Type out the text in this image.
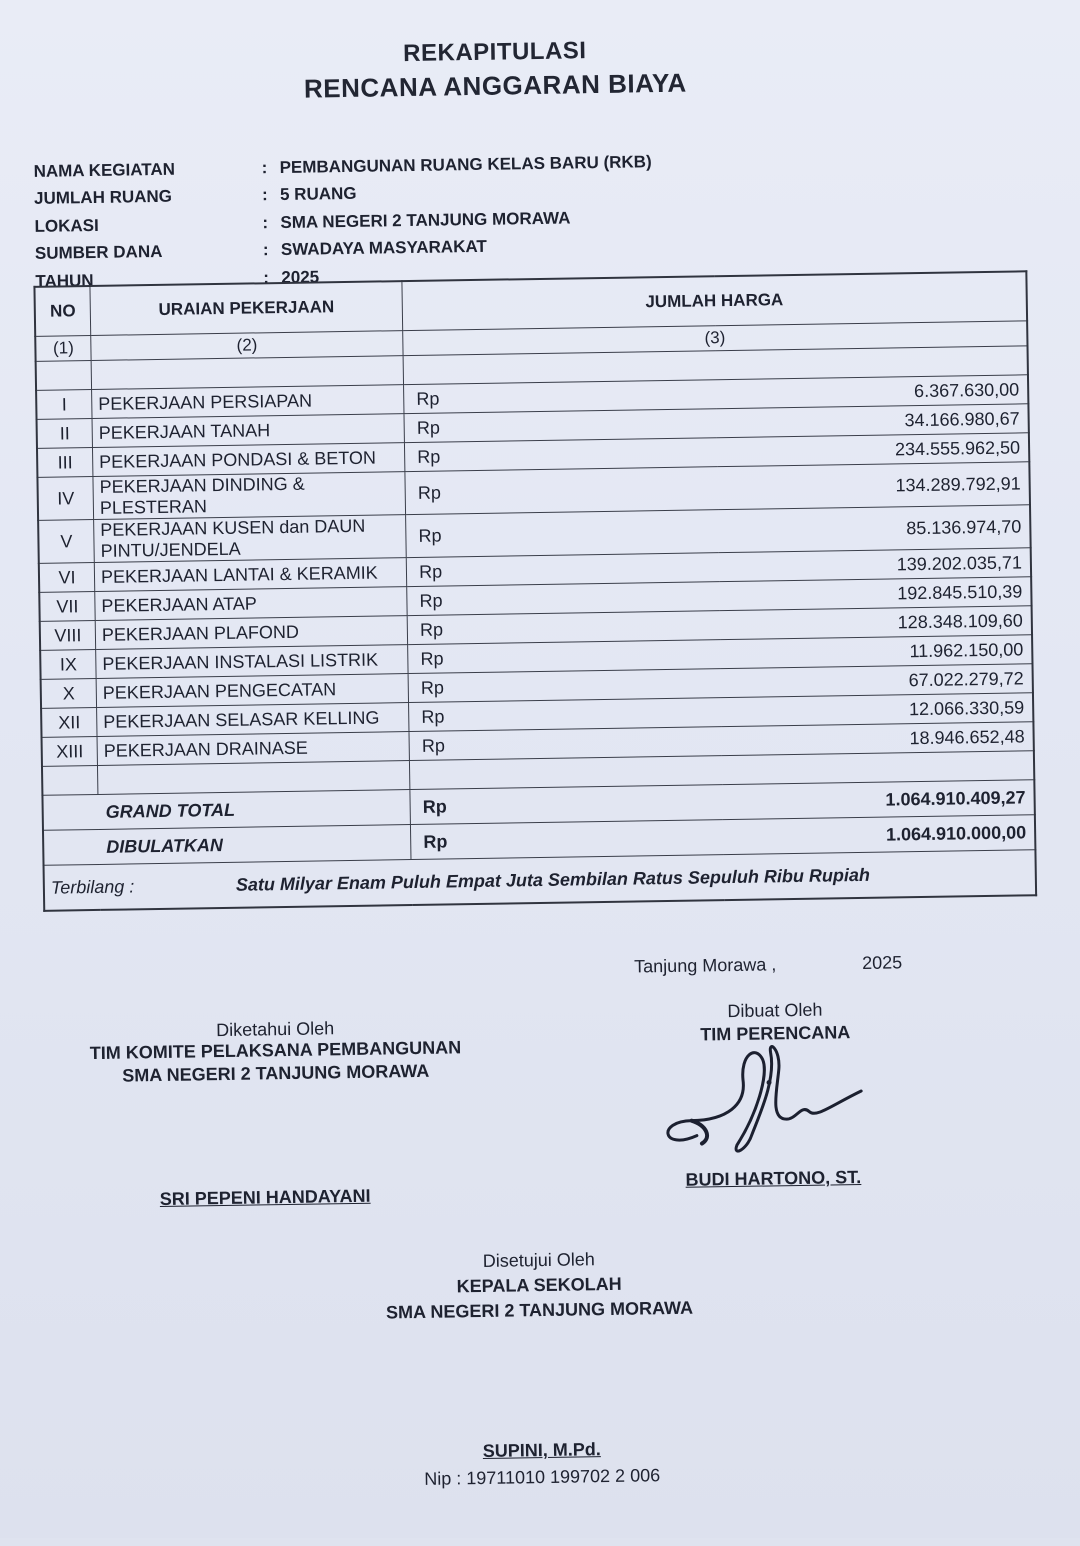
REKAPITULASI
RENCANA ANGGARAN BIAYA
NAMA KEGIATAN	: PEMBANGUNAN RUANG KELAS BARU (RKB)
JUMLAH RUANG	: 5 RUANG
LOKASI	: SMA NEGERI 2 TANJUNG MORAWA
SUMBER DANA	: SWADAYA MASYARAKAT
TAHUN	: 2025
NO	URAIAN PEKERJAAN	JUMLAH HARGA	
(1)	(2)	(3)	

I	PEKERJAAN PERSIAPAN	Rp	6.367.630,00
II	PEKERJAAN TANAH	Rp	34.166.980,67
III	PEKERJAAN PONDASI & BETON	Rp	234.555.962,50
IV	PEKERJAAN DINDING & PLESTERAN	Rp	134.289.792,91
V	PEKERJAAN KUSEN dan DAUN PINTU/JENDELA	Rp	85.136.974,70
VI	PEKERJAAN LANTAI & KERAMIK	Rp	139.202.035,71
VII	PEKERJAAN ATAP	Rp	192.845.510,39
VIII	PEKERJAAN PLAFOND	Rp	128.348.109,60
IX	PEKERJAAN INSTALASI LISTRIK	Rp	11.962.150,00
X	PEKERJAAN PENGECATAN	Rp	67.022.279,72
XII	PEKERJAAN SELASAR KELLING	Rp	12.066.330,59
XIII	PEKERJAAN DRAINASE	Rp	18.946.652,48

GRAND TOTAL		Rp	1.064.910.409,27
DIBULATKAN		Rp	1.064.910.000,00
Terbilang : Satu Milyar Enam Puluh Empat Juta Sembilan Ratus Sepuluh Ribu Rupiah			
Tanjung Morawa ,	2025
Diketahui Oleh
TIM KOMITE PELAKSANA PEMBANGUNAN
SMA NEGERI 2 TANJUNG MORAWA
SRI PEPENI HANDAYANI
Dibuat Oleh
TIM PERENCANA
BUDI HARTONO, ST.
Disetujui Oleh
KEPALA SEKOLAH
SMA NEGERI 2 TANJUNG MORAWA
SUPINI, M.Pd.
Nip : 19711010 199702 2 006
